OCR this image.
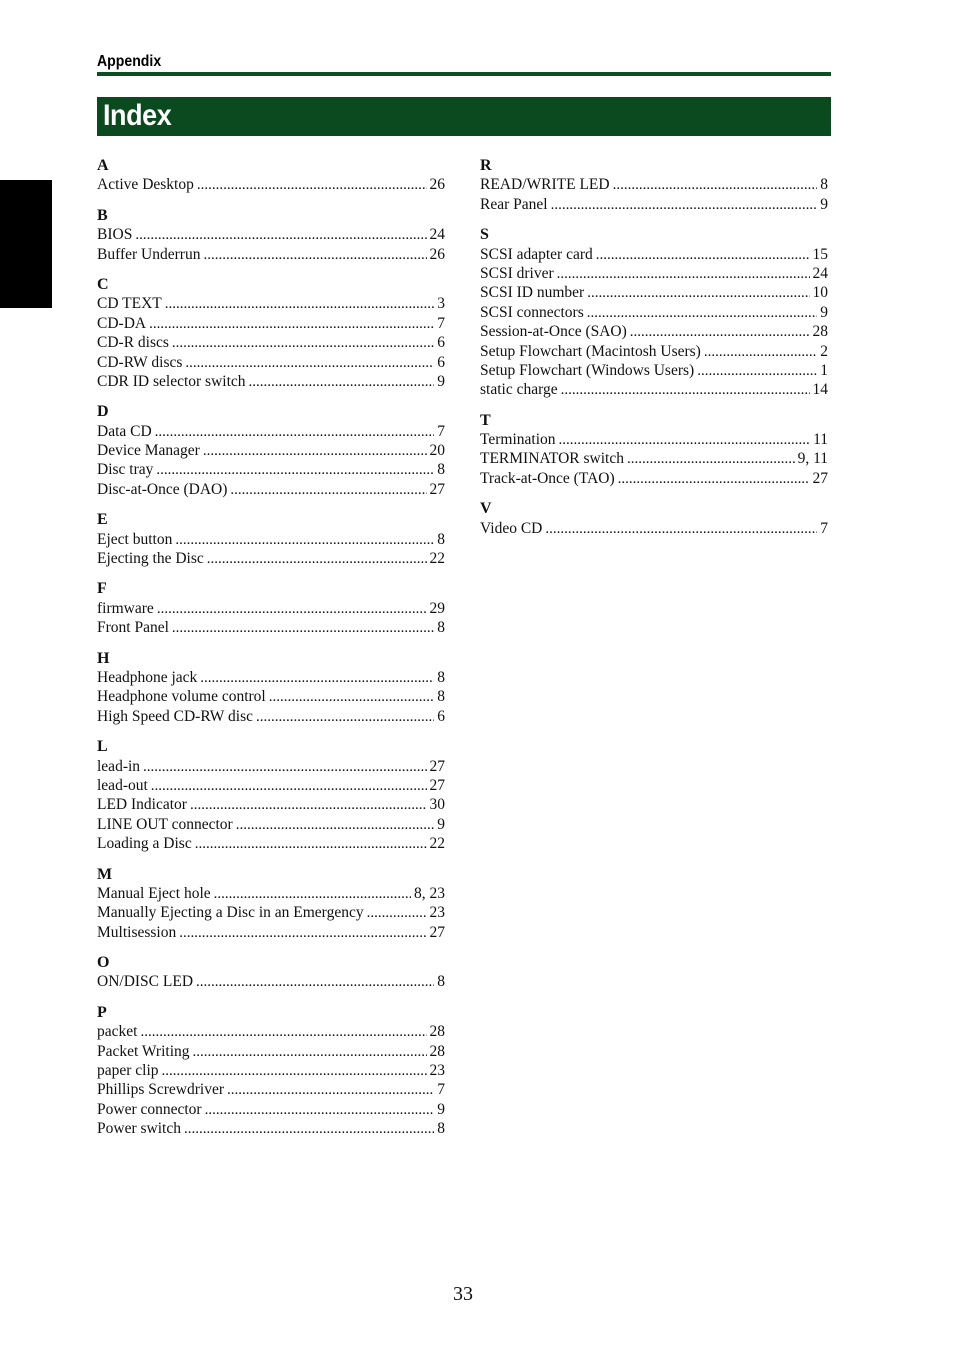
Appendix
Index
A
Active Desktop .....	26
B
BIOS .....	24
Buffer Underrun .....	26
C
CD TEXT .....	3
CD-DA .....	7
CD-R discs .....	6
CD-RW discs .....	6
CDR ID selector switch .....	9
D
Data CD .....	7
Device Manager .....	20
Disc tray .....	8
Disc-at-Once (DAO) .....	27
E
Eject button .....	8
Ejecting the Disc .....	22
F
firmware .....	29
Front Panel .....	8
H
Headphone jack .....	8
Headphone volume control .....	8
High Speed CD-RW disc .....	6
L
lead-in .....	27
lead-out .....	27
LED Indicator .....	30
LINE OUT connector .....	9
Loading a Disc .....	22
M
Manual Eject hole .....	8, 23
Manually Ejecting a Disc in an Emergency .....	23
Multisession .....	27
O
ON/DISC LED .....	8
P
packet .....	28
Packet Writing .....	28
paper clip .....	23
Phillips Screwdriver .....	7
Power connector .....	9
Power switch .....	8
R
READ/WRITE LED .....	8
Rear Panel .....	9
S
SCSI adapter card .....	15
SCSI driver .....	24
SCSI ID number .....	10
SCSI connectors .....	9
Session-at-Once (SAO) .....	28
Setup Flowchart (Macintosh Users) .....	2
Setup Flowchart (Windows Users) .....	1
static charge .....	14
T
Termination .....	11
TERMINATOR switch .....	9, 11
Track-at-Once (TAO) .....	27
V
Video CD .....	7
33
